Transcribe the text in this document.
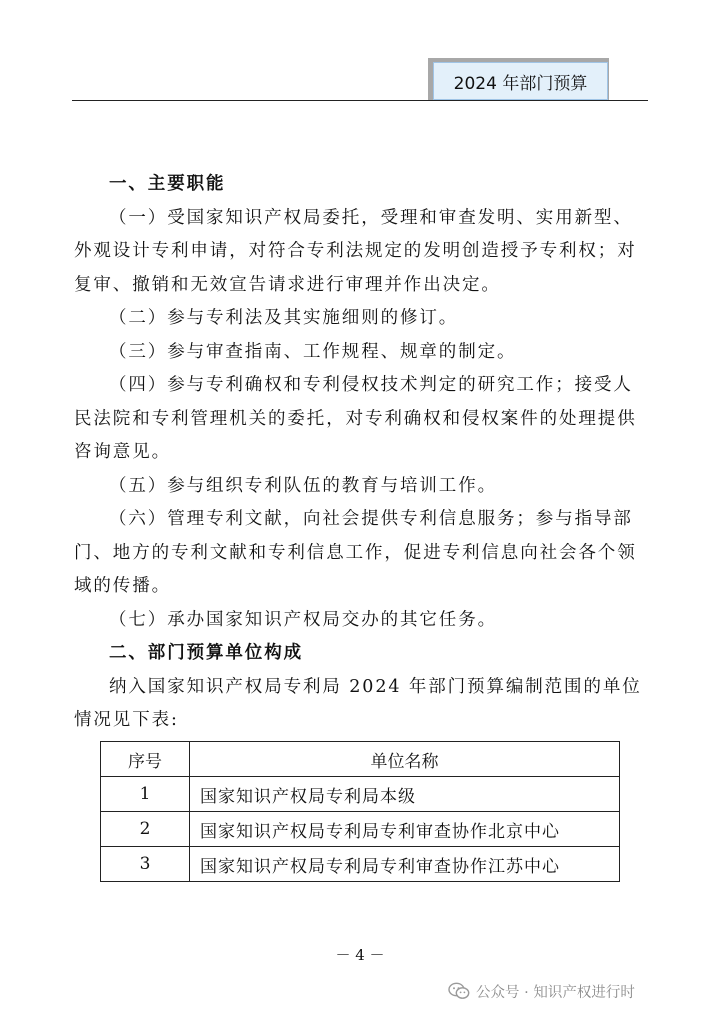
2024 年部门预算

一、主要职能

（一）受国家知识产权局委托，受理和审查发明、实用新型、外观设计专利申请，对符合专利法规定的发明创造授予专利权；对复审、撤销和无效宣告请求进行审理并作出决定。

（二）参与专利法及其实施细则的修订。

（三）参与审查指南、工作规程、规章的制定。

（四）参与专利确权和专利侵权技术判定的研究工作；接受人民法院和专利管理机关的委托，对专利确权和侵权案件的处理提供咨询意见。

（五）参与组织专利队伍的教育与培训工作。

（六）管理专利文献，向社会提供专利信息服务；参与指导部门、地方的专利文献和专利信息工作，促进专利信息向社会各个领域的传播。

（七）承办国家知识产权局交办的其它任务。

二、部门预算单位构成

纳入国家知识产权局专利局 2024 年部门预算编制范围的单位情况见下表:

序号	单位名称
1	国家知识产权局专利局本级
2	国家知识产权局专利局专利审查协作北京中心
3	国家知识产权局专利局专利审查协作江苏中心
－ 4 －
公众号 · 知识产权进行时
